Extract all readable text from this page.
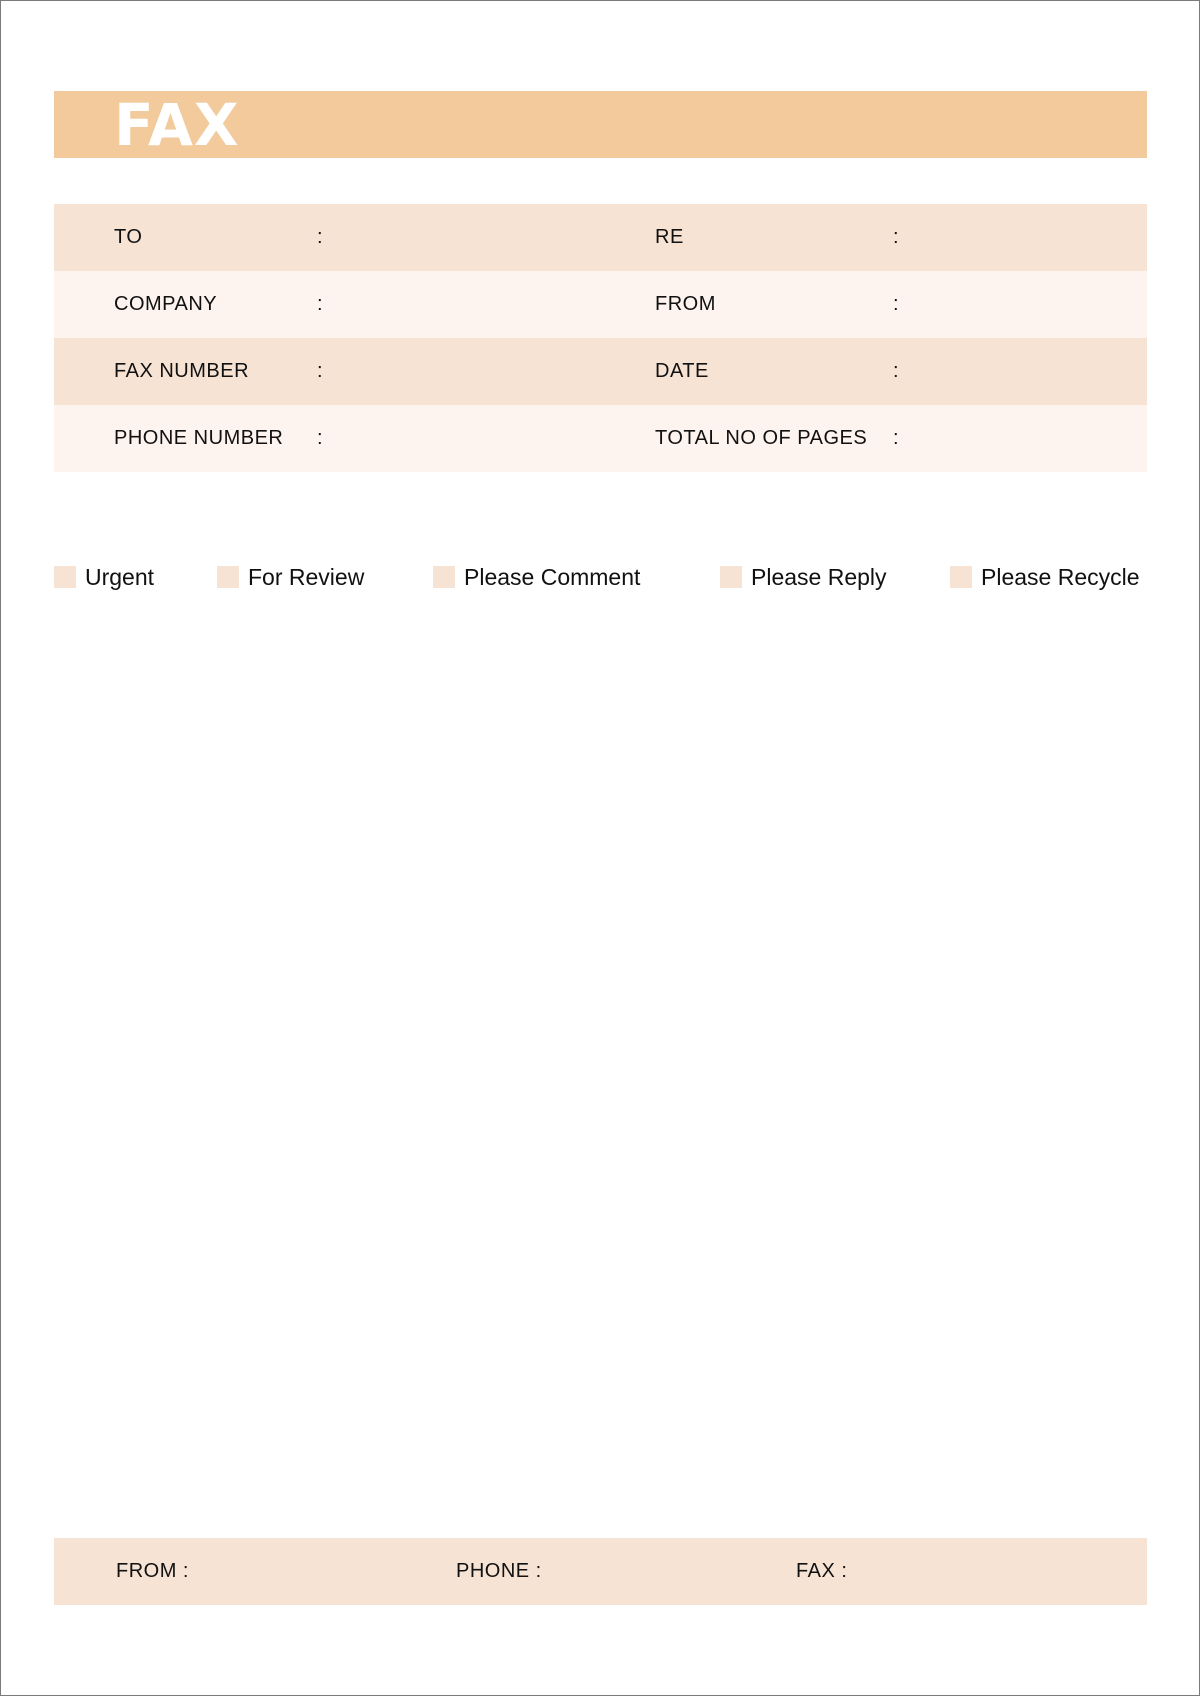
FAX
TO	:	RE	:
COMPANY	:	FROM	:
FAX NUMBER	:	DATE	:
PHONE NUMBER :	TOTAL NO OF PAGES :
Urgent	For Review	Please Comment	Please Reply	Please Recycle
FROM :	PHONE :	FAX :
